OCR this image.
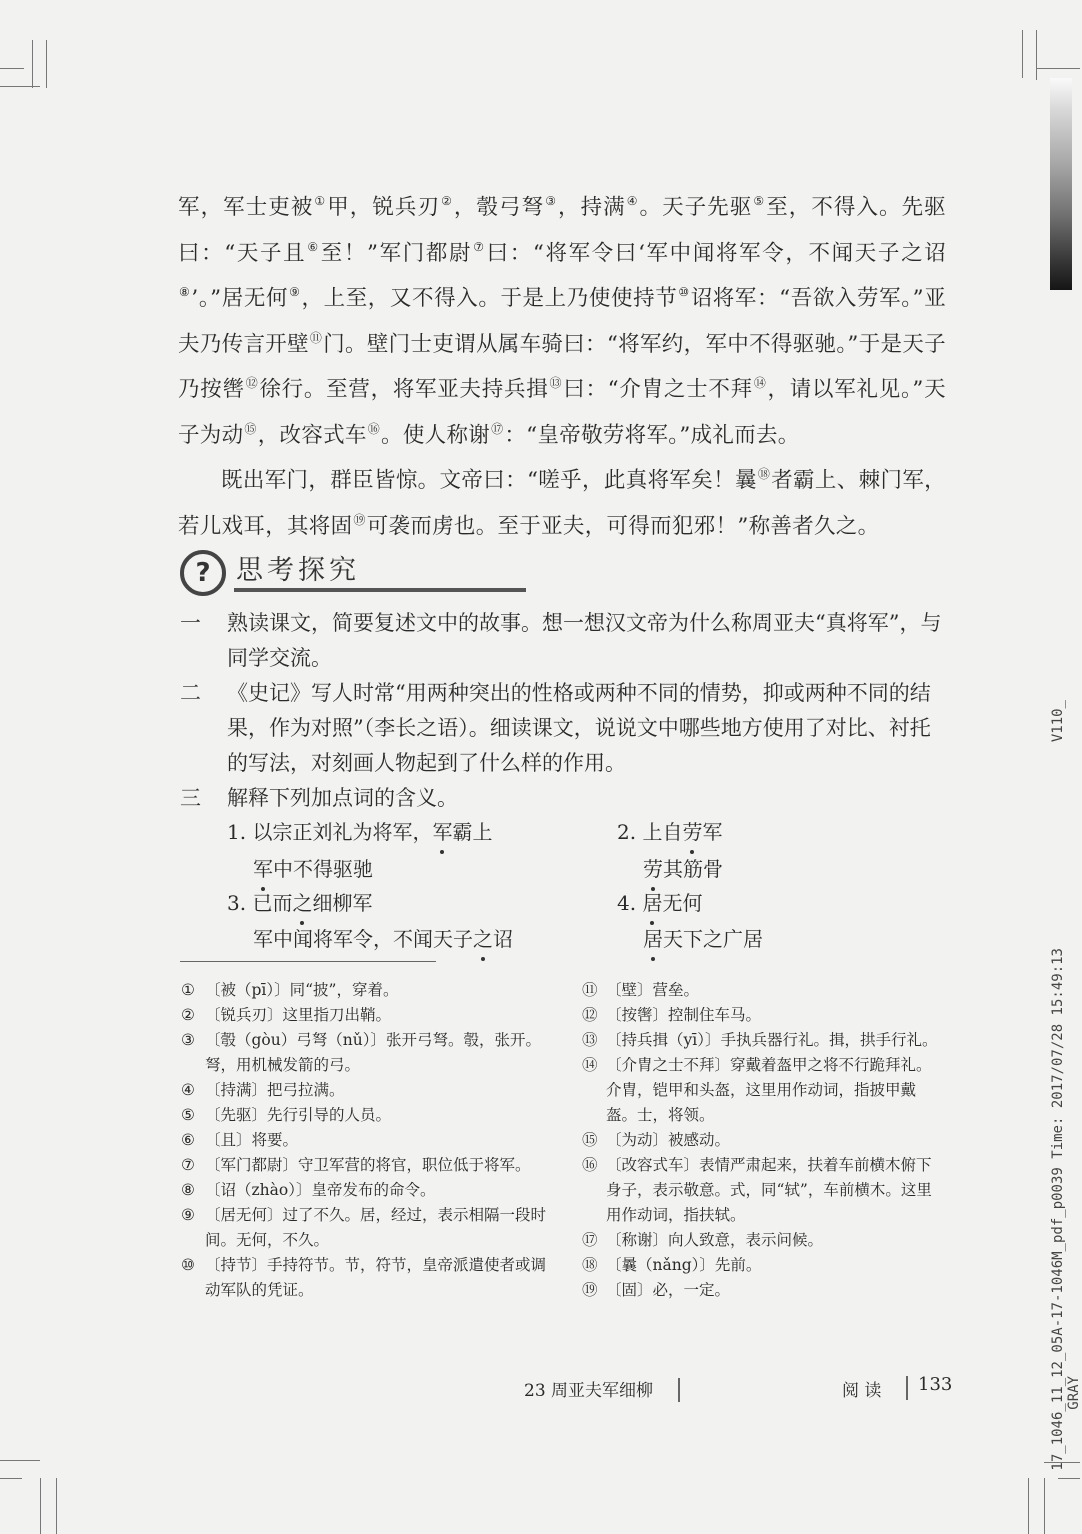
V110_
17_1046_11_12_05A-17-1046M_pdf_p0039 Time: 2017/07/28 15:49:13 GRAY

军，军士吏被①甲，锐兵刃②，彀弓弩③，持满④。天子先驱⑤至，不得入。先驱曰：“天子且⑥至！”军门都尉⑦曰：“将军令曰‘军中闻将军令，不闻天子之诏⑧’。”居无何⑨，上至，又不得入。于是上乃使使持节⑩诏将军：“吾欲入劳军。”亚夫乃传言开壁⑪门。壁门士吏谓从属车骑曰：“将军约，军中不得驱驰。”于是天子乃按辔⑫徐行。至营，将军亚夫持兵揖⑬曰：“介胄之士不拜⑭，请以军礼见。”天子为动⑮，改容式车⑯。使人称谢⑰：“皇帝敬劳将军。”成礼而去。

既出军门，群臣皆惊。文帝曰：“嗟乎，此真将军矣！曩⑱者霸上、棘门军，若儿戏耳，其将固⑲可袭而虏也。至于亚夫，可得而犯邪！”称善者久之。

? 思考探究
一	熟读课文，简要复述文中的故事。想一想汉文帝为什么称周亚夫“真将军”，与同学交流。
二	《史记》写人时常“用两种突出的性格或两种不同的情势，抑或两种不同的结果，作为对照”（李长之语）。细读课文，说说文中哪些地方使用了对比、衬托的写法，对刻画人物起到了什么样的作用。
三	解释下列加点词的含义。
1. 以宗正刘礼为将军，军霸上
军中不得驱驰
2. 上自劳军
劳其筋骨
3. 已而之细柳军
军中闻将军令，不闻天子之诏
4. 居无何
居天下之广居
① 〔被（pī）〕同“披”，穿着。
② 〔锐兵刃〕这里指刀出鞘。
③ 〔彀（gòu）弓弩（nǔ）〕张开弓弩。彀，张开。弩，用机械发箭的弓。
④ 〔持满〕把弓拉满。
⑤ 〔先驱〕先行引导的人员。
⑥ 〔且〕将要。
⑦ 〔军门都尉〕守卫军营的将官，职位低于将军。
⑧ 〔诏（zhào）〕皇帝发布的命令。
⑨ 〔居无何〕过了不久。居，经过，表示相隔一段时间。无何，不久。
⑩ 〔持节〕手持符节。节，符节，皇帝派遣使者或调动军队的凭证。
⑪ 〔壁〕营垒。
⑫ 〔按辔〕控制住车马。
⑬ 〔持兵揖（yī）〕手执兵器行礼。揖，拱手行礼。
⑭ 〔介胄之士不拜〕穿戴着盔甲之将不行跪拜礼。介胄，铠甲和头盔，这里用作动词，指披甲戴盔。士，将领。
⑮ 〔为动〕被感动。
⑯ 〔改容式车〕表情严肃起来，扶着车前横木俯下身子，表示敬意。式，同“轼”，车前横木。这里用作动词，指扶轼。
⑰ 〔称谢〕向人致意，表示问候。
⑱ 〔曩（nǎng）〕先前。
⑲ 〔固〕必，一定。
23 周亚夫军细柳	阅 读 133
